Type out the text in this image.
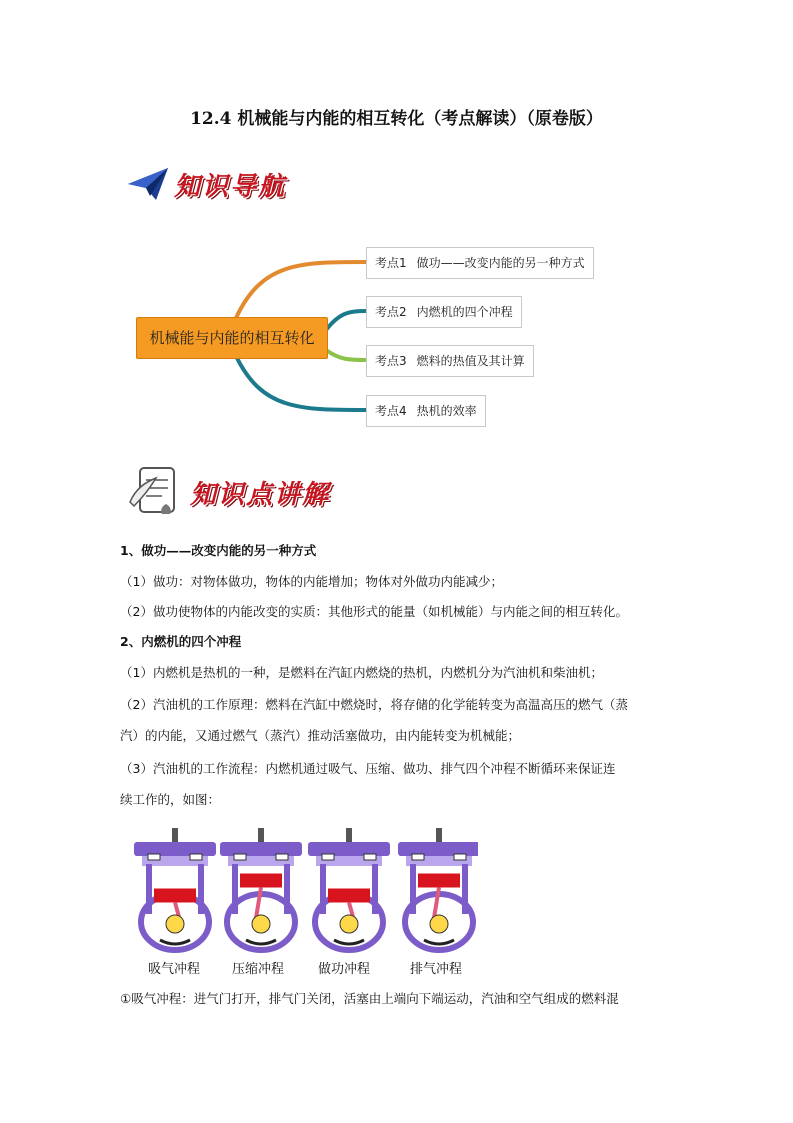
12.4 机械能与内能的相互转化（考点解读）（原卷版）
知识导航
机械能与内能的相互转化
考点1 做功——改变内能的另一种方式
考点2 内燃机的四个冲程
考点3 燃料的热值及其计算
考点4 热机的效率
知识点讲解
1、做功——改变内能的另一种方式
（1）做功：对物体做功，物体的内能增加；物体对外做功内能减少；
（2）做功使物体的内能改变的实质：其他形式的能量（如机械能）与内能之间的相互转化。
2、内燃机的四个冲程
（1）内燃机是热机的一种，是燃料在汽缸内燃烧的热机，内燃机分为汽油机和柴油机；
（2）汽油机的工作原理：燃料在汽缸中燃烧时，将存储的化学能转变为高温高压的燃气（蒸
汽）的内能，又通过燃气（蒸汽）推动活塞做功，由内能转变为机械能；
（3）汽油机的工作流程：内燃机通过吸气、压缩、做功、排气四个冲程不断循环来保证连
续工作的，如图：
吸气冲程	压缩冲程	做功冲程	排气冲程
①吸气冲程：进气门打开，排气门关闭，活塞由上端向下端运动，汽油和空气组成的燃料混
